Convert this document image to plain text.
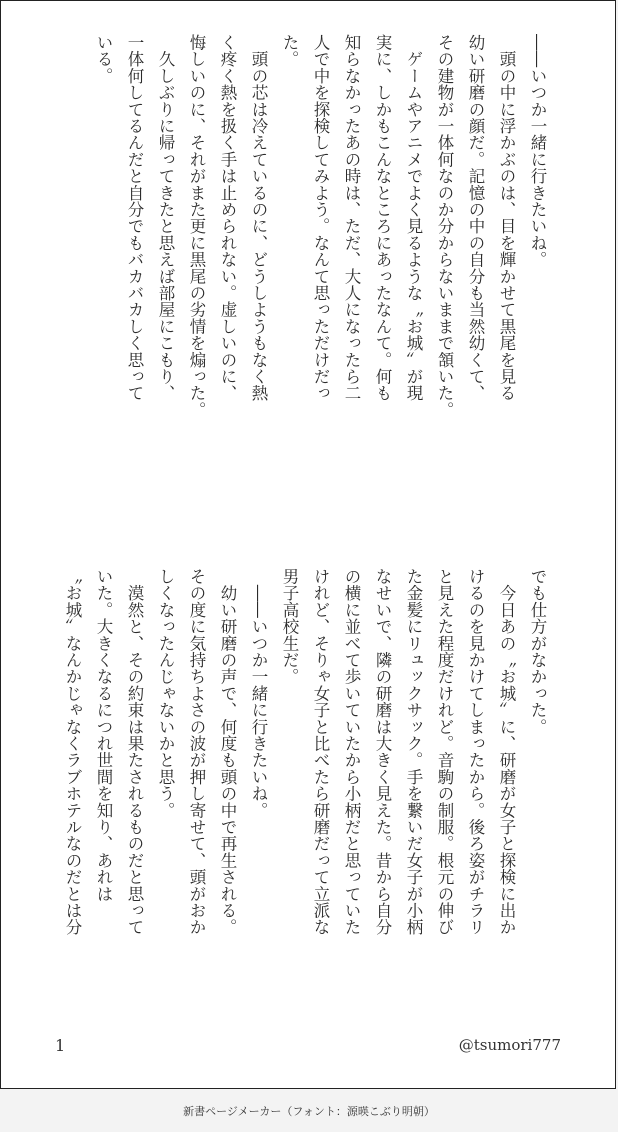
――いつか一緒に行きたいね。

　頭の中に浮かぶのは、目を輝かせて黒尾を見る

幼い研磨の顔だ。記憶の中の自分も当然幼くて、

その建物が一体何なのか分からないままで頷いた。

　ゲームやアニメでよく見るような〝お城〟が現

実に、しかもこんなところにあったなんて。何も

知らなかったあの時は、ただ、大人になったら二

人で中を探検してみよう。なんて思っただけだっ

た。

　頭の芯は冷えているのに、どうしようもなく熱

く疼く熱を扱く手は止められない。虚しいのに、

悔しいのに、それがまた更に黒尾の劣情を煽った。

　久しぶりに帰ってきたと思えば部屋にこもり、

一体何してるんだと自分でもバカバカしく思って

いる。

でも仕方がなかった。

　今日あの〝お城〟に、研磨が女子と探検に出か

けるのを見かけてしまったから。後ろ姿がチラリ

と見えた程度だけれど。音駒の制服。根元の伸び

た金髪にリュックサック。手を繋いだ女子が小柄

なせいで、隣の研磨は大きく見えた。昔から自分

の横に並べて歩いていたから小柄だと思っていた

けれど、そりゃ女子と比べたら研磨だって立派な

男子高校生だ。

　――いつか一緒に行きたいね。

　幼い研磨の声で、何度も頭の中で再生される。

その度に気持ちよさの波が押し寄せて、頭がおか

しくなったんじゃないかと思う。

　漠然と、その約束は果たされるものだと思って

いた。大きくなるにつれ世間を知り、あれは

〝お城〟なんかじゃなくラブホテルなのだとは分

1	@tsumori777
新書ページメーカー（フォント：源暎こぶり明朝）
